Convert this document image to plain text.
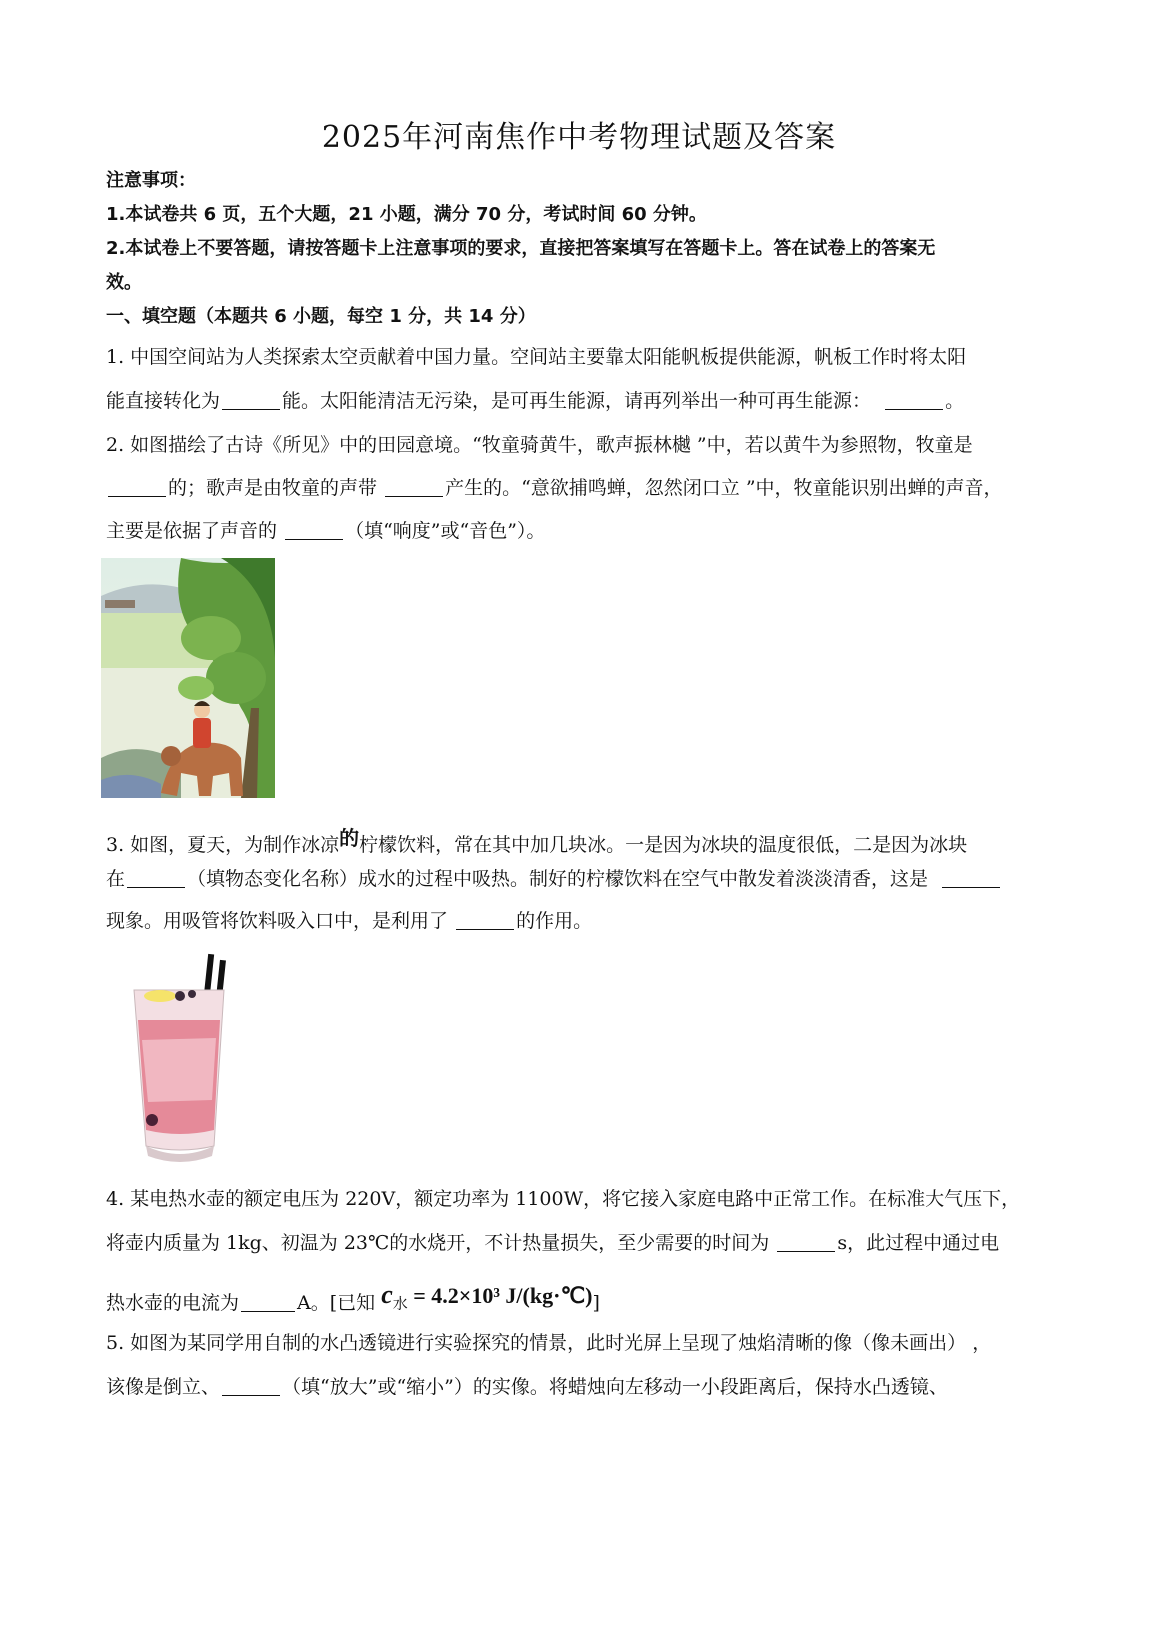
2025年河南焦作中考物理试题及答案
注意事项：
1.本试卷共 6 页，五个大题，21 小题，满分 70 分，考试时间 60 分钟。
2.本试卷上不要答题，请按答题卡上注意事项的要求，直接把答案填写在答题卡上。答在试卷上的答案无
效。
一、填空题（本题共 6 小题，每空 1 分，共 14 分）
1. 中国空间站为人类探索太空贡献着中国力量。空间站主要靠太阳能帆板提供能源，帆板工作时将太阳
能直接转化为	能。太阳能清洁无污染，是可再生能源，请再列举出一种可再生能源：	。
2. 如图描绘了古诗《所见》中的田园意境。“牧童骑黄牛，歌声振林樾 ”中，若以黄牛为参照物，牧童是
的；歌声是由牧童的声带	产生的。“意欲捕鸣蝉，忽然闭口立 ”中，牧童能识别出蝉的声音，
主要是依据了声音的	（填“响度”或“音色”）。
3. 如图，夏天，为制作冰凉的柠檬饮料，常在其中加几块冰。一是因为冰块的温度很低，二是因为冰块
在	（填物态变化名称）成水的过程中吸热。制好的柠檬饮料在空气中散发着淡淡清香，这是
现象。用吸管将饮料吸入口中，是利用了	的作用。
4. 某电热水壶的额定电压为 220V，额定功率为 1100W，将它接入家庭电路中正常工作。在标准大气压下，
将壶内质量为 1kg、初温为 23℃的水烧开，不计热量损失，至少需要的时间为	s，此过程中通过电
热水壶的电流为	A。[已知 $c_水 = 4.2\times 10^3$ J/(kg·℃)]
5. 如图为某同学用自制的水凸透镜进行实验探究的情景，此时光屏上呈现了烛焰清晰的像（像未画出） ，
该像是倒立、	（填“放大”或“缩小”）的实像。将蜡烛向左移动一小段距离后，保持水凸透镜、
